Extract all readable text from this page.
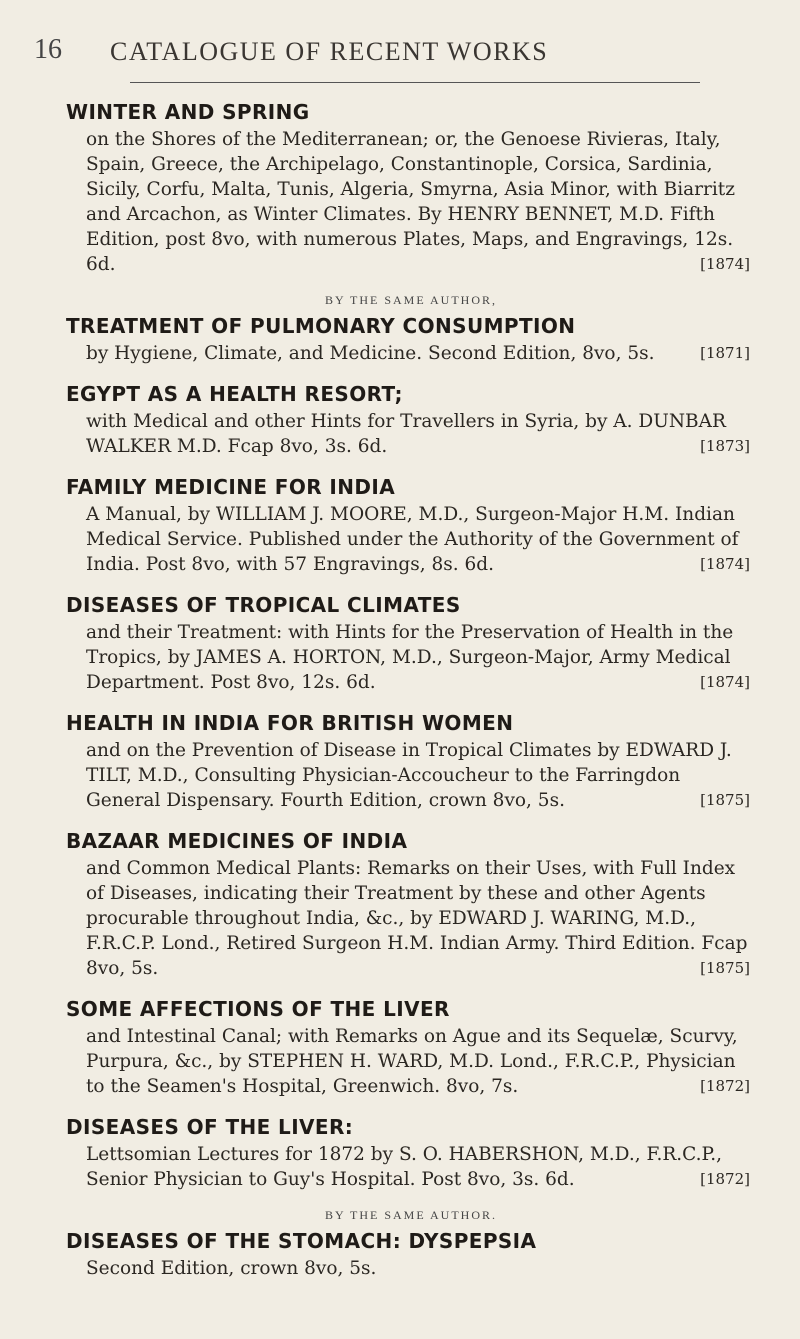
16 CATALOGUE OF RECENT WORKS
WINTER AND SPRING
on the Shores of the Mediterranean; or, the Genoese Rivieras, Italy, Spain, Greece, the Archipelago, Constantinople, Corsica, Sardinia, Sicily, Corfu, Malta, Tunis, Algeria, Smyrna, Asia Minor, with Biarritz and Arcachon, as Winter Climates. By HENRY BENNET, M.D. Fifth Edition, post 8vo, with numerous Plates, Maps, and Engravings, 12s. 6d.	[1874]
BY THE SAME AUTHOR,
TREATMENT OF PULMONARY CONSUMPTION
by Hygiene, Climate, and Medicine. Second Edition, 8vo, 5s.	[1871]
EGYPT AS A HEALTH RESORT;
with Medical and other Hints for Travellers in Syria, by A. DUNBAR WALKER M.D. Fcap 8vo, 3s. 6d.	[1873]
FAMILY MEDICINE FOR INDIA
A Manual, by WILLIAM J. MOORE, M.D., Surgeon-Major H.M. Indian Medical Service. Published under the Authority of the Government of India. Post 8vo, with 57 Engravings, 8s. 6d.	[1874]
DISEASES OF TROPICAL CLIMATES
and their Treatment: with Hints for the Preservation of Health in the Tropics, by JAMES A. HORTON, M.D., Surgeon-Major, Army Medical Department. Post 8vo, 12s. 6d.	[1874]
HEALTH IN INDIA FOR BRITISH WOMEN
and on the Prevention of Disease in Tropical Climates by EDWARD J. TILT, M.D., Consulting Physician-Accoucheur to the Farringdon General Dispensary. Fourth Edition, crown 8vo, 5s.	[1875]
BAZAAR MEDICINES OF INDIA
and Common Medical Plants: Remarks on their Uses, with Full Index of Diseases, indicating their Treatment by these and other Agents procurable throughout India, &c., by EDWARD J. WARING, M.D., F.R.C.P. Lond., Retired Surgeon H.M. Indian Army. Third Edition. Fcap 8vo, 5s.	[1875]
SOME AFFECTIONS OF THE LIVER
and Intestinal Canal; with Remarks on Ague and its Sequelæ, Scurvy, Purpura, &c., by STEPHEN H. WARD, M.D. Lond., F.R.C.P., Physician to the Seamen's Hospital, Greenwich. 8vo, 7s.	[1872]
DISEASES OF THE LIVER:
Lettsomian Lectures for 1872 by S. O. HABERSHON, M.D., F.R.C.P., Senior Physician to Guy's Hospital. Post 8vo, 3s. 6d.	[1872]
BY THE SAME AUTHOR.
DISEASES OF THE STOMACH: DYSPEPSIA
Second Edition, crown 8vo, 5s.
